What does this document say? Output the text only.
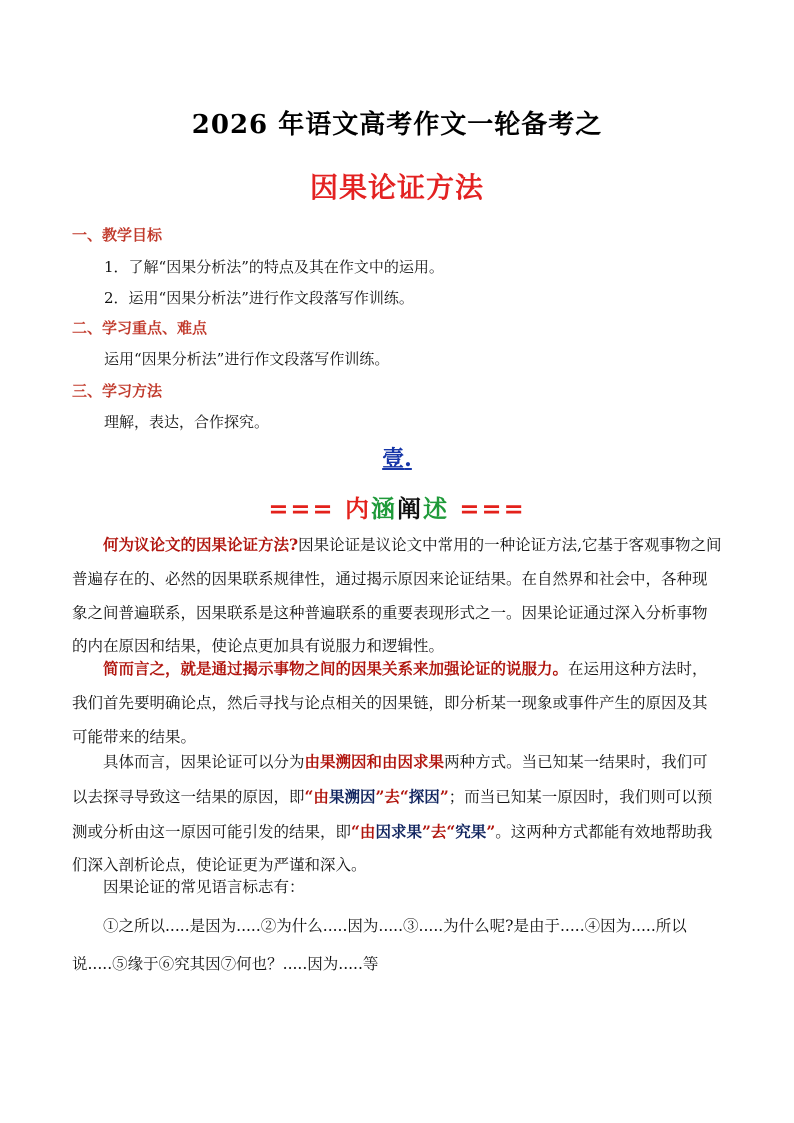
2026 年语文高考作文一轮备考之
因果论证方法
一、教学目标
1．了解“因果分析法”的特点及其在作文中的运用。
2．运用“因果分析法”进行作文段落写作训练。
二、学习重点、难点
运用“因果分析法”进行作文段落写作训练。
三、学习方法
理解，表达，合作探究。
壹.
=== 内涵阐述 ===
何为议论文的因果论证方法?因果论证是议论文中常用的一种论证方法,它基于客观事物之间普遍存在的、必然的因果联系规律性，通过揭示原因来论证结果。在自然界和社会中，各种现象之间普遍联系，因果联系是这种普遍联系的重要表现形式之一。因果论证通过深入分析事物的内在原因和结果，使论点更加具有说服力和逻辑性。
简而言之，就是通过揭示事物之间的因果关系来加强论证的说服力。在运用这种方法时，我们首先要明确论点，然后寻找与论点相关的因果链，即分析某一现象或事件产生的原因及其可能带来的结果。
具体而言，因果论证可以分为由果溯因和由因求果两种方式。当已知某一结果时，我们可以去探寻导致这一结果的原因，即“由果溯因”去“探因”；而当已知某一原因时，我们则可以预测或分析由这一原因可能引发的结果，即“由因求果”去“究果”。这两种方式都能有效地帮助我们深入剖析论点，使论证更为严谨和深入。
因果论证的常见语言标志有：
①之所以.....是因为.....②为什么.....因为.....③.....为什么呢?是由于.....④因为.....所以说.....⑤缘于⑥究其因⑦何也？.....因为.....等
